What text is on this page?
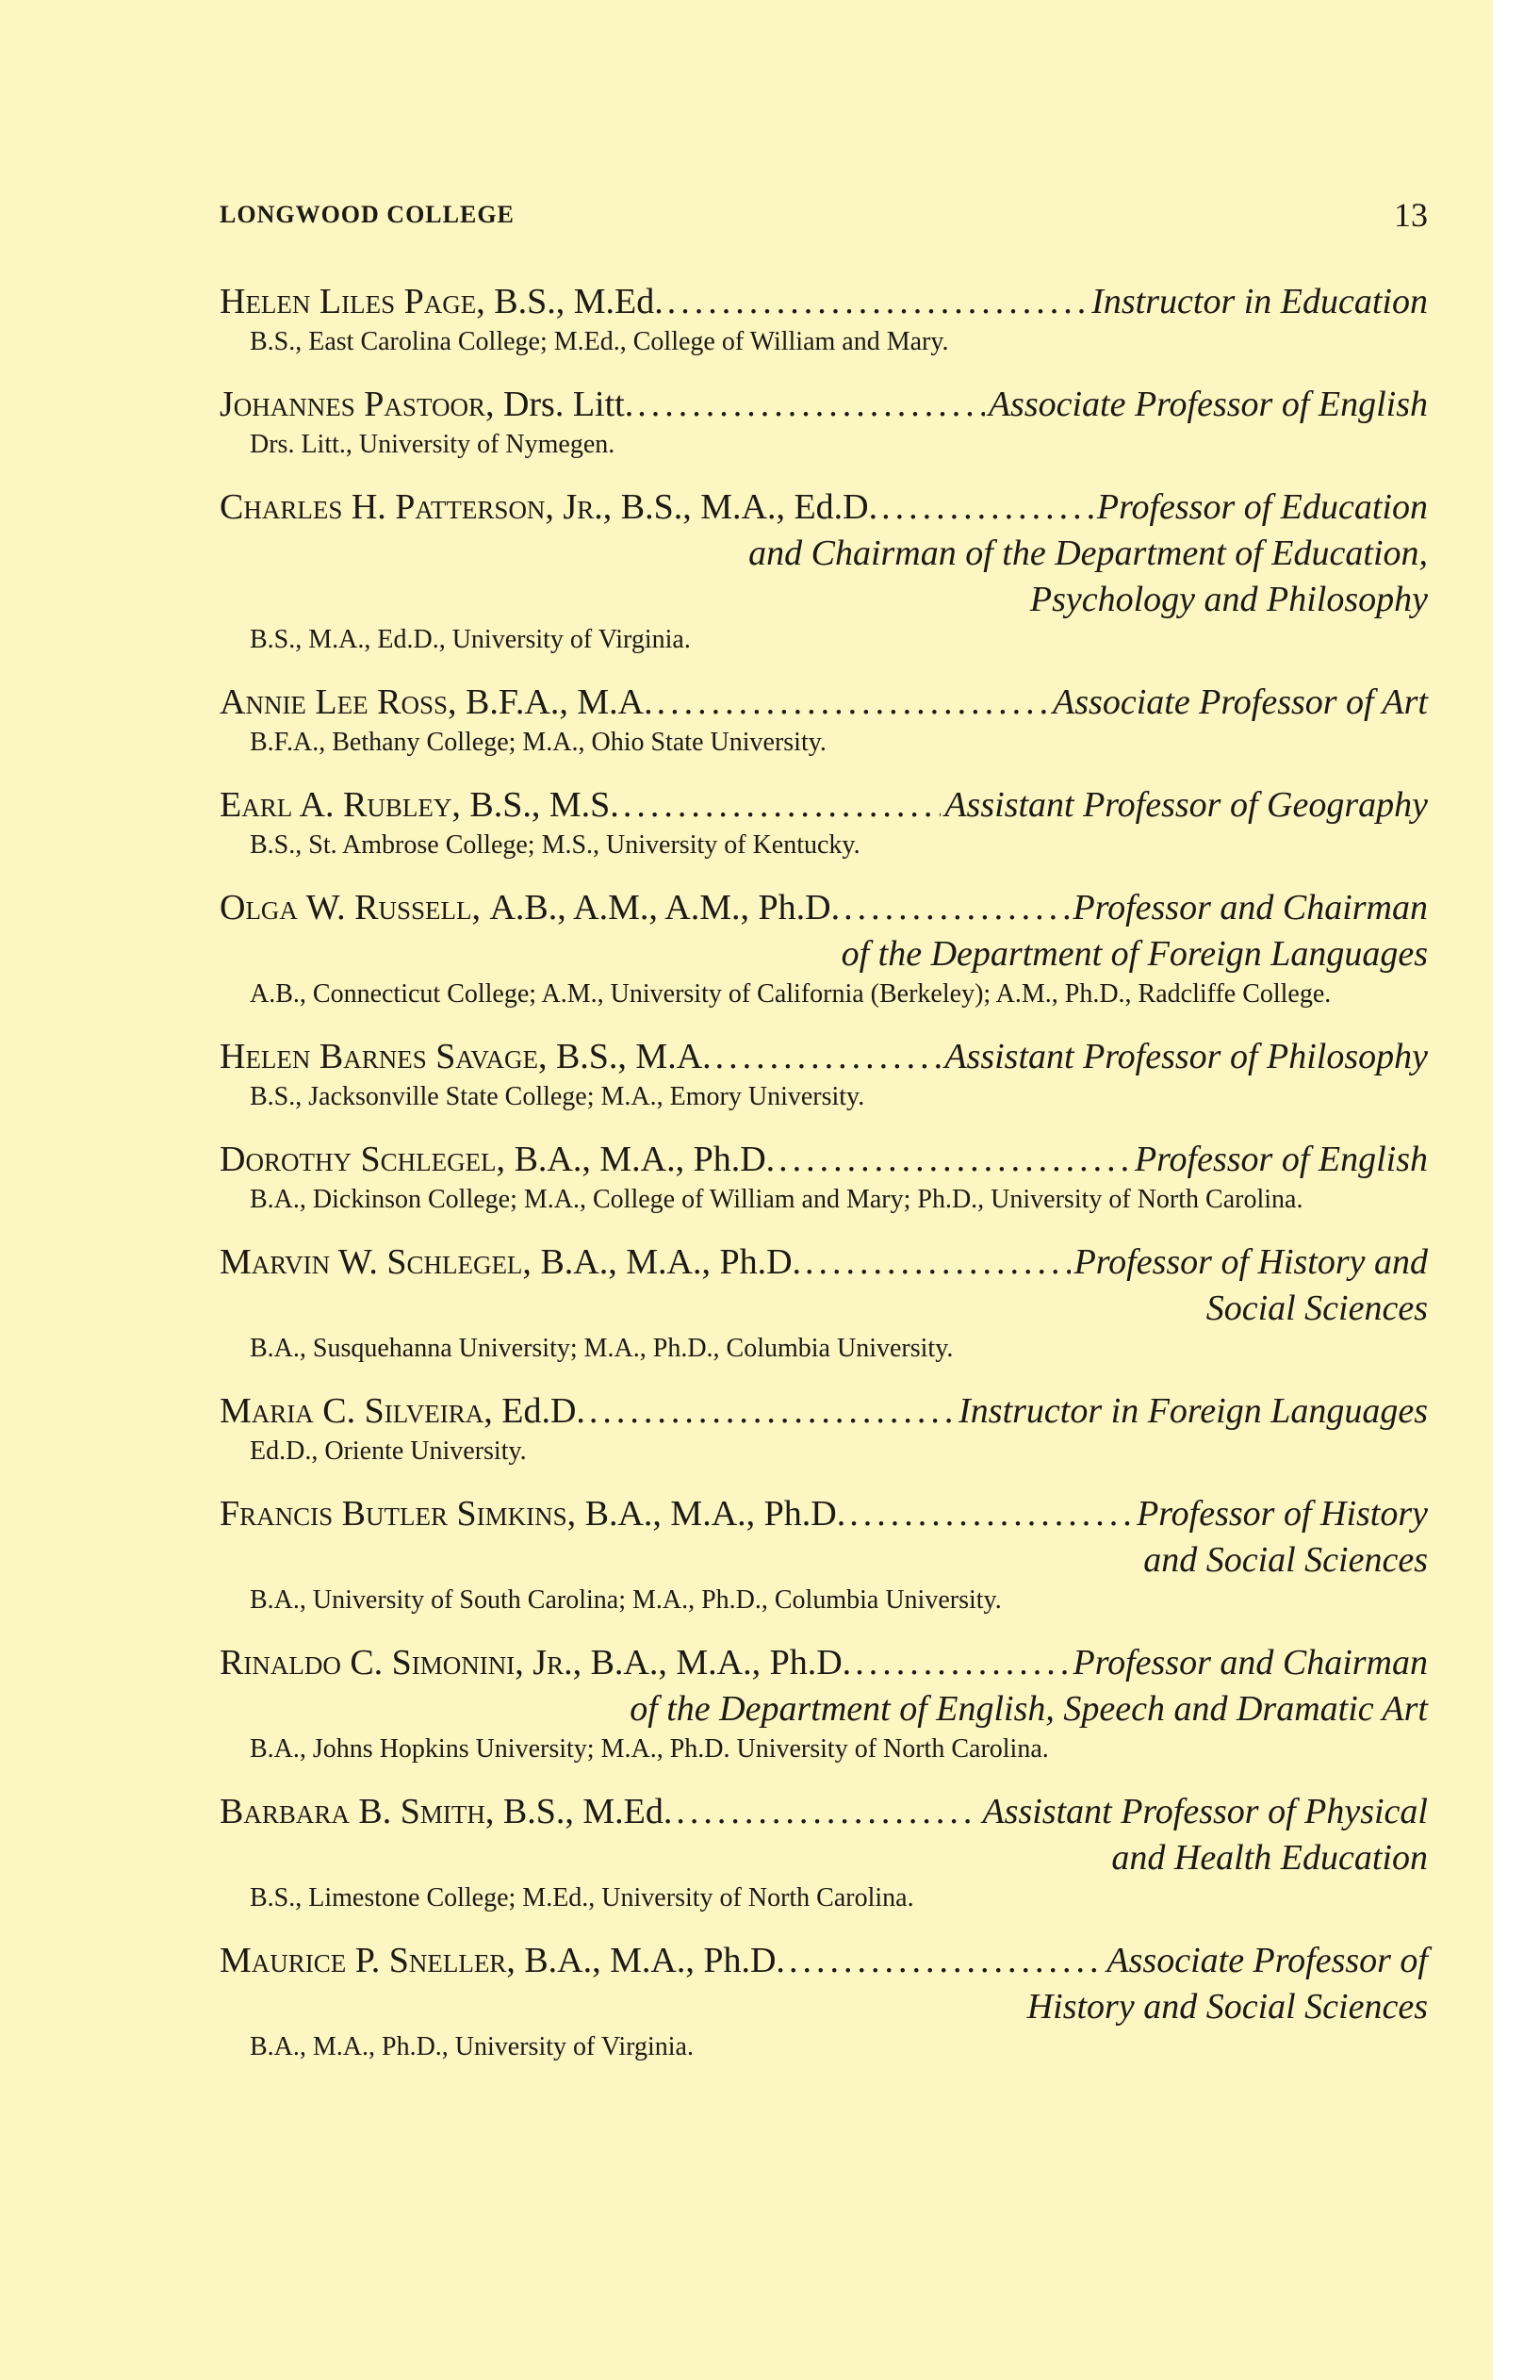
LONGWOOD COLLEGE	13
Helen Liles Page, B.S., M.Ed. .....	Instructor in Education
B.S., East Carolina College; M.Ed., College of William and Mary.
Johannes Pastoor, Drs. Litt. .....	Associate Professor of English
Drs. Litt., University of Nymegen.
Charles H. Patterson, Jr., B.S., M.A., Ed.D. .....	Professor of Education
and Chairman of the Department of Education,
Psychology and Philosophy
B.S., M.A., Ed.D., University of Virginia.
Annie Lee Ross, B.F.A., M.A. .....	Associate Professor of Art
B.F.A., Bethany College; M.A., Ohio State University.
Earl A. Rubley, B.S., M.S. .....	Assistant Professor of Geography
B.S., St. Ambrose College; M.S., University of Kentucky.
Olga W. Russell, A.B., A.M., A.M., Ph.D. .....	Professor and Chairman
of the Department of Foreign Languages
A.B., Connecticut College; A.M., University of California (Berkeley); A.M., Ph.D., Radcliffe College.
Helen Barnes Savage, B.S., M.A. .....	Assistant Professor of Philosophy
B.S., Jacksonville State College; M.A., Emory University.
Dorothy Schlegel, B.A., M.A., Ph.D. .....	Professor of English
B.A., Dickinson College; M.A., College of William and Mary; Ph.D., University of North Carolina.
Marvin W. Schlegel, B.A., M.A., Ph.D. .....	Professor of History and
Social Sciences
B.A., Susquehanna University; M.A., Ph.D., Columbia University.
Maria C. Silveira, Ed.D. .....	Instructor in Foreign Languages
Ed.D., Oriente University.
Francis Butler Simkins, B.A., M.A., Ph.D. .....	Professor of History
and Social Sciences
B.A., University of South Carolina; M.A., Ph.D., Columbia University.
Rinaldo C. Simonini, Jr., B.A., M.A., Ph.D. .....	Professor and Chairman
of the Department of English, Speech and Dramatic Art
B.A., Johns Hopkins University; M.A., Ph.D. University of North Carolina.
Barbara B. Smith, B.S., M.Ed. .....	Assistant Professor of Physical
and Health Education
B.S., Limestone College; M.Ed., University of North Carolina.
Maurice P. Sneller, B.A., M.A., Ph.D. .....	Associate Professor of
History and Social Sciences
B.A., M.A., Ph.D., University of Virginia.
